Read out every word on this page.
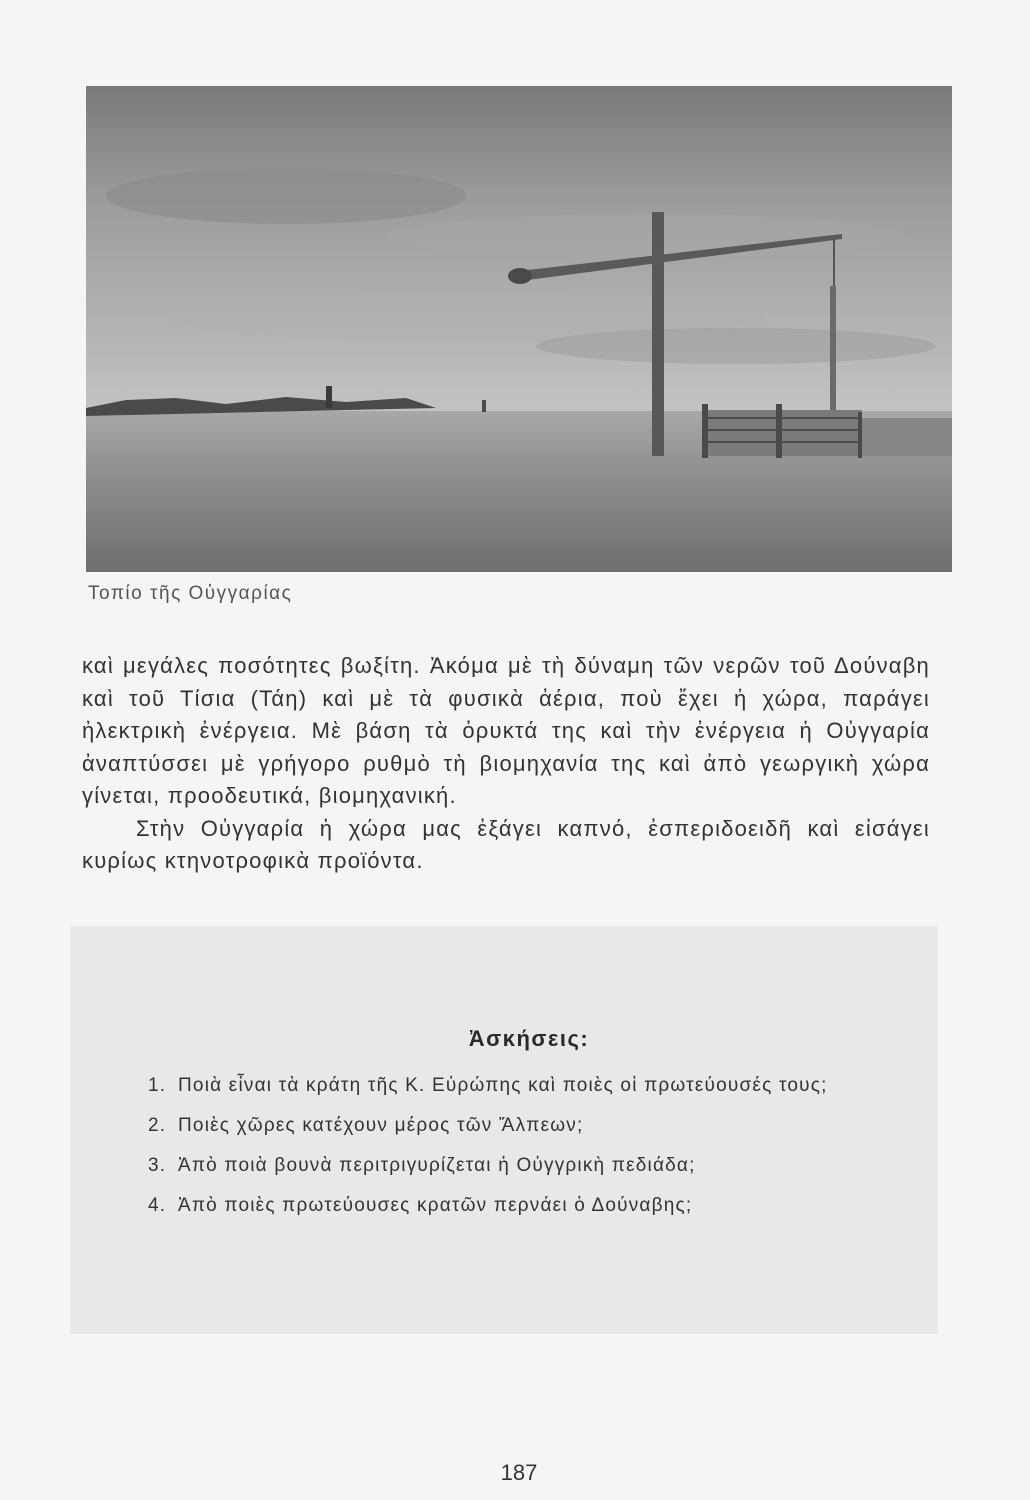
Τοπίο τῆς Οὐγγαρίας

καὶ μεγάλες ποσότητες βωξίτη. Ἀκόμα μὲ τὴ δύναμη τῶν νερῶν τοῦ Δούναβη καὶ τοῦ Τίσια (Τάη) καὶ μὲ τὰ φυσικὰ ἀέρια, ποὺ ἔχει ἡ χώρα, παράγει ἠλεκτρικὴ ἐνέργεια. Μὲ βάση τὰ ὀρυκτά της καὶ τὴν ἐνέργεια ἡ Οὐγγαρία ἀναπτύσσει μὲ γρήγορο ρυθμὸ τὴ βιομηχανία της καὶ ἀπὸ γεωργικὴ χώρα γίνεται, προοδευτικά, βιομηχανική.

Στὴν Οὐγγαρία ἡ χώρα μας ἐξάγει καπνό, ἐσπεριδοειδῆ καὶ εἰσάγει κυρίως κτηνοτροφικὰ προϊόντα.

Ἀσκήσεις:
1. Ποιὰ εἶναι τὰ κράτη τῆς Κ. Εὐρώπης καὶ ποιὲς οἱ πρωτεύουσές τους;
2. Ποιὲς χῶρες κατέχουν μέρος τῶν Ἄλπεων;
3. Ἀπὸ ποιὰ βουνὰ περιτριγυρίζεται ἡ Οὐγγρικὴ πεδιάδα;
4. Ἀπὸ ποιὲς πρωτεύουσες κρατῶν περνάει ὁ Δούναβης;
187
